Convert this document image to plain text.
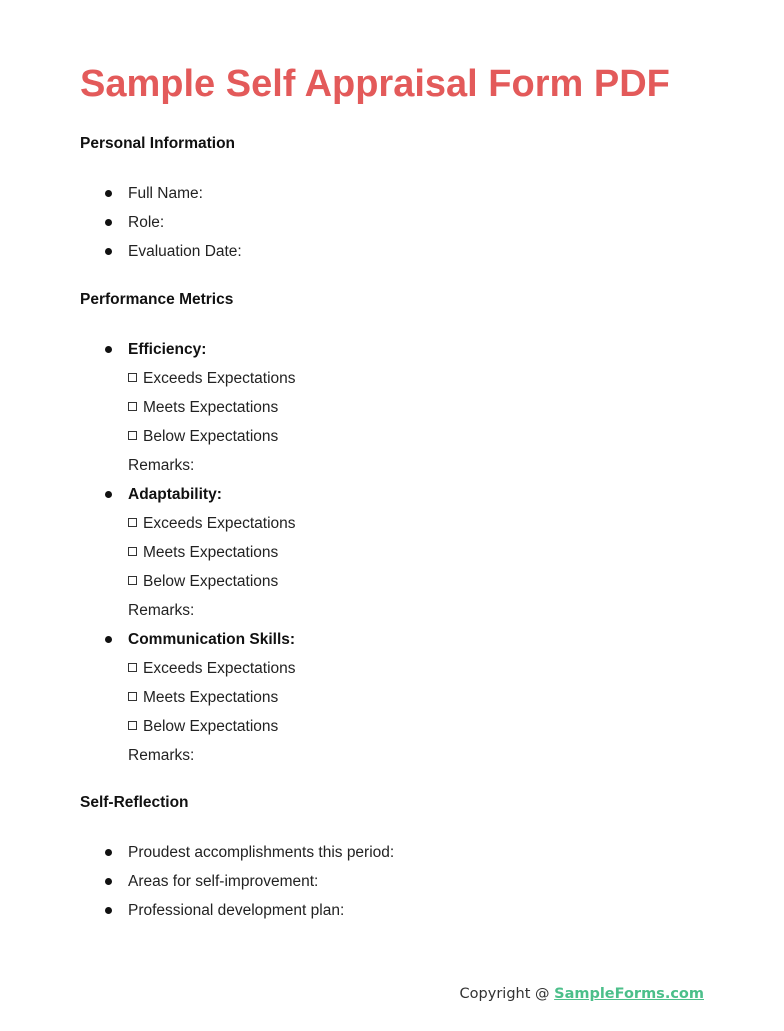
Sample Self Appraisal Form PDF
Personal Information
Full Name:
Role:
Evaluation Date:
Performance Metrics
Efficiency:
Exceeds Expectations
Meets Expectations
Below Expectations
Remarks:
Adaptability:
Exceeds Expectations
Meets Expectations
Below Expectations
Remarks:
Communication Skills:
Exceeds Expectations
Meets Expectations
Below Expectations
Remarks:
Self-Reflection
Proudest accomplishments this period:
Areas for self-improvement:
Professional development plan:
Copyright @ SampleForms.com
